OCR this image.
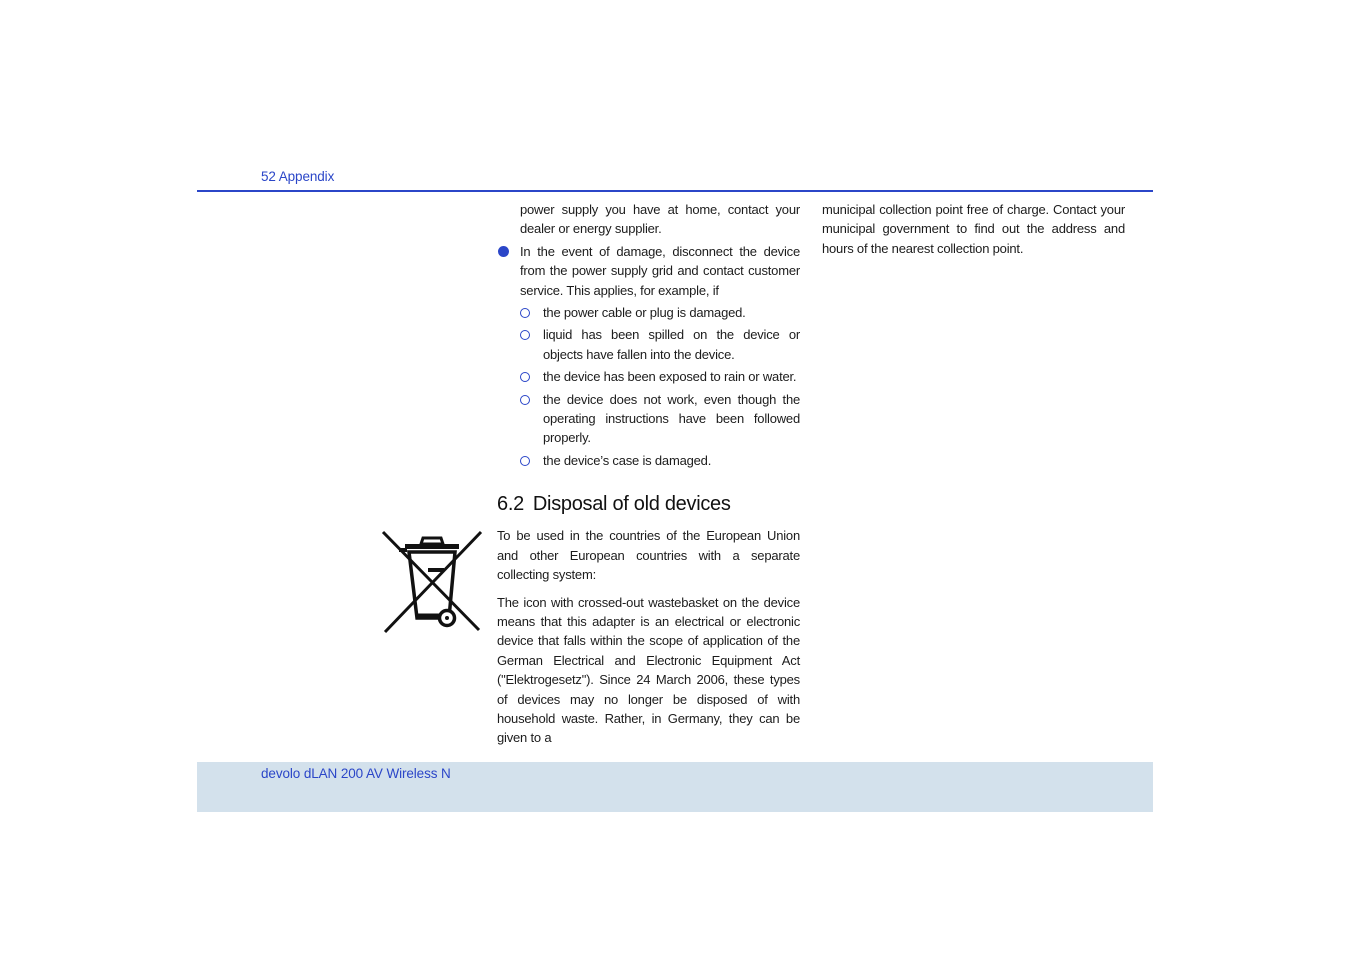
52 Appendix

power supply you have at home, contact your dealer or energy supplier.

In the event of damage, disconnect the device from the power supply grid and contact customer service. This applies, for example, if

the power cable or plug is damaged.

liquid has been spilled on the device or objects have fallen into the device.

the device has been exposed to rain or water.

the device does not work, even though the operating instructions have been followed properly.

the device’s case is damaged.

6.2 Disposal of old devices

To be used in the countries of the European Union and other European countries with a separate collecting system:

The icon with crossed-out wastebasket on the device means that this adapter is an electrical or electronic device that falls within the scope of application of the German Electrical and Electronic Equipment Act ("Elektrogesetz"). Since 24 March 2006, these types of devices may no longer be disposed of with household waste. Rather, in Germany, they can be given to a

municipal collection point free of charge. Contact your municipal government to find out the address and hours of the nearest collection point.

devolo dLAN 200 AV Wireless N
